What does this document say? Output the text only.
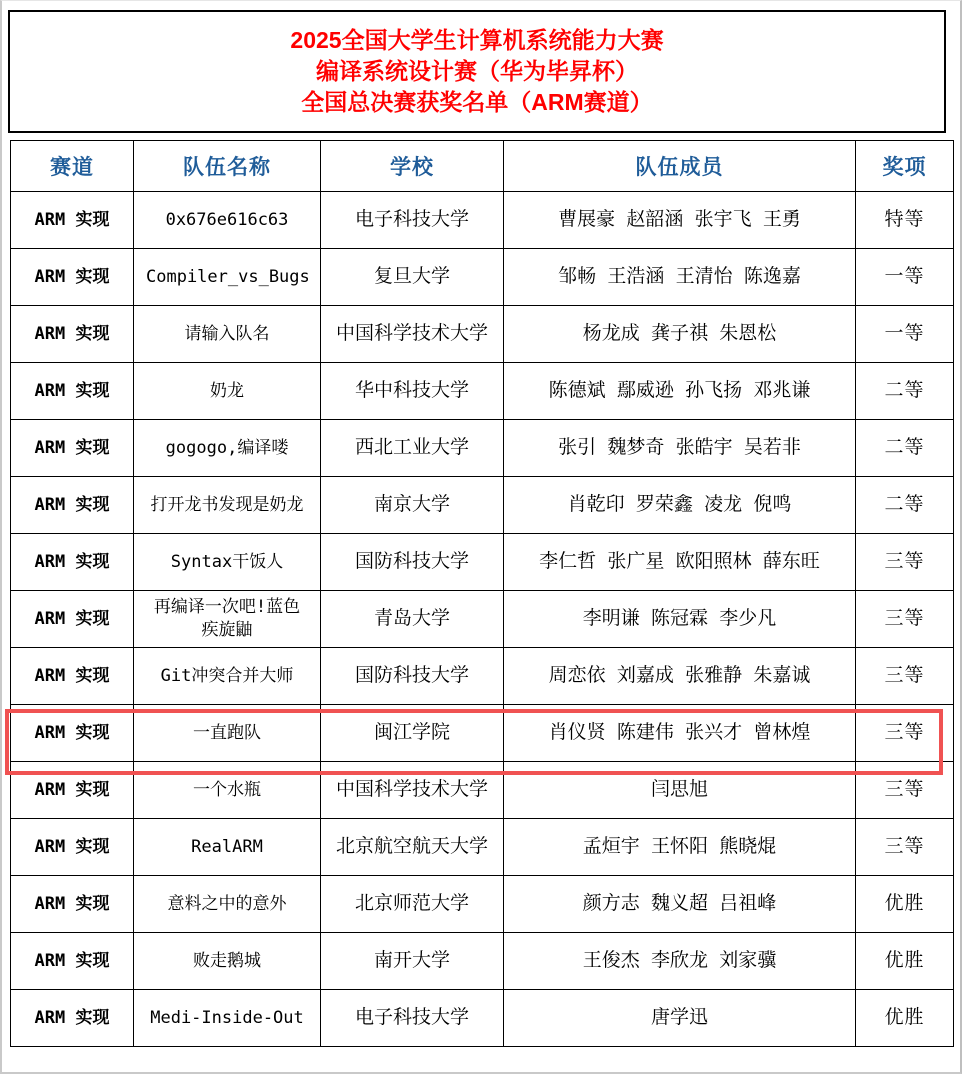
2025全国大学生计算机系统能力大赛
编译系统设计赛（华为毕昇杯）
全国总决赛获奖名单（ARM赛道）
赛道	队伍名称	学校	队伍成员	奖项
ARM 实现	0x676e616c63	电子科技大学	曹展豪 赵韶涵 张宇飞 王勇	特等
ARM 实现	Compiler_vs_Bugs	复旦大学	邹畅 王浩涵 王清怡 陈逸嘉	一等
ARM 实现	请输入队名	中国科学技术大学	杨龙成 龚子祺 朱恩松	一等
ARM 实现	奶龙	华中科技大学	陈德斌 鄢威逊 孙飞扬 邓兆谦	二等
ARM 实现	gogogo,编译喽	西北工业大学	张引 魏梦奇 张皓宇 吴若非	二等
ARM 实现	打开龙书发现是奶龙	南京大学	肖乾印 罗荣鑫 凌龙 倪鸣	二等
ARM 实现	Syntax干饭人	国防科技大学	李仁哲 张广星 欧阳照林 薛东旺	三等
ARM 实现	再编译一次吧!蓝色疾旋鼬	青岛大学	李明谦 陈冠霖 李少凡	三等
ARM 实现	Git冲突合并大师	国防科技大学	周恋依 刘嘉成 张雅静 朱嘉诚	三等
ARM 实现	一直跑队	闽江学院	肖仪贤 陈建伟 张兴才 曾林煌	三等
ARM 实现	一个水瓶	中国科学技术大学	闫思旭	三等
ARM 实现	RealARM	北京航空航天大学	孟烜宇 王怀阳 熊晓焜	三等
ARM 实现	意料之中的意外	北京师范大学	颜方志 魏义超 吕祖峰	优胜
ARM 实现	败走鹅城	南开大学	王俊杰 李欣龙 刘家骥	优胜
ARM 实现	Medi-Inside-Out	电子科技大学	唐学迅	优胜
